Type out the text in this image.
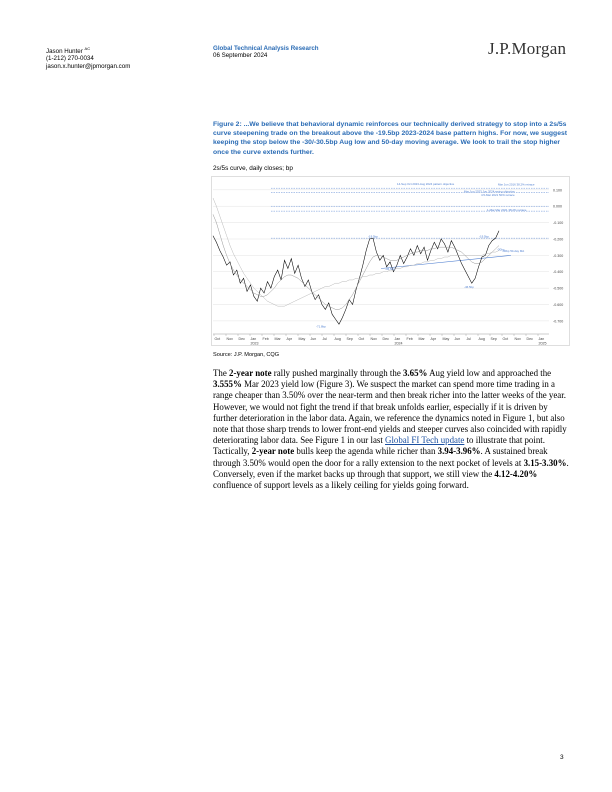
Jason Hunter $^{AC}$
(1-212) 270-0034
jason.x.hunter@jpmorgan.com
Global Technical Analysis Research
06 September 2024	J.P.Morgan
Figure 2: ...We believe that behavioral dynamic reinforces our technically derived strategy to stop into a 2s/5s curve steepening trade on the breakout above the -19.5bp 2023-2024 base pattern highs. For now, we suggest keeping the stop below the -30/-30.5bp Aug low and 50-day moving average. We look to trail the stop higher once the curve extends further.
2s/5s curve, daily closes; bp
14-Sep Oct 2023-Aug 2024 pattern objective	Mar Jun 2016 38.2% retrace
Mar Jun 2023 Jun 2024 swing objective
4.5-Mar 2021 50% retrace
1-Mar Mar 2021 38.2% retrace
-19.5bp	-19.5bp
-30bp
-30bp 50-day MA
-36.5bp
-46.5bp
-71.8bp
0.100
0.000
-0.100
-0.200
-0.300
-0.400
-0.500
-0.600
-0.700
Oct Nov Dec Jan Feb Mar Apr May Jun Jul Aug Sep Oct Nov Dec Jan Feb Mar Apr May Jun Jul Aug Sep Oct Nov Dec Jan
2023	2024	2025
Source: J.P. Morgan, CQG

The 2-year note rally pushed marginally through the 3.65% Aug yield low and approached the 3.555% Mar 2023 yield low (Figure 3). We suspect the market can spend more time trading in a range cheaper than 3.50% over the near-term and then break richer into the latter weeks of the year. However, we would not fight the trend if that break unfolds earlier, especially if it is driven by further deterioration in the labor data. Again, we reference the dynamics noted in Figure 1, but also note that those sharp trends to lower front-end yields and steeper curves also coincided with rapidly deteriorating labor data. See Figure 1 in our last Global FI Tech update to illustrate that point. Tactically, 2-year note bulls keep the agenda while richer than 3.94-3.96%. A sustained break through 3.50% would open the door for a rally extension to the next pocket of levels at 3.15-3.30%. Conversely, even if the market backs up through that support, we still view the 4.12-4.20% confluence of support levels as a likely ceiling for yields going forward.

3
